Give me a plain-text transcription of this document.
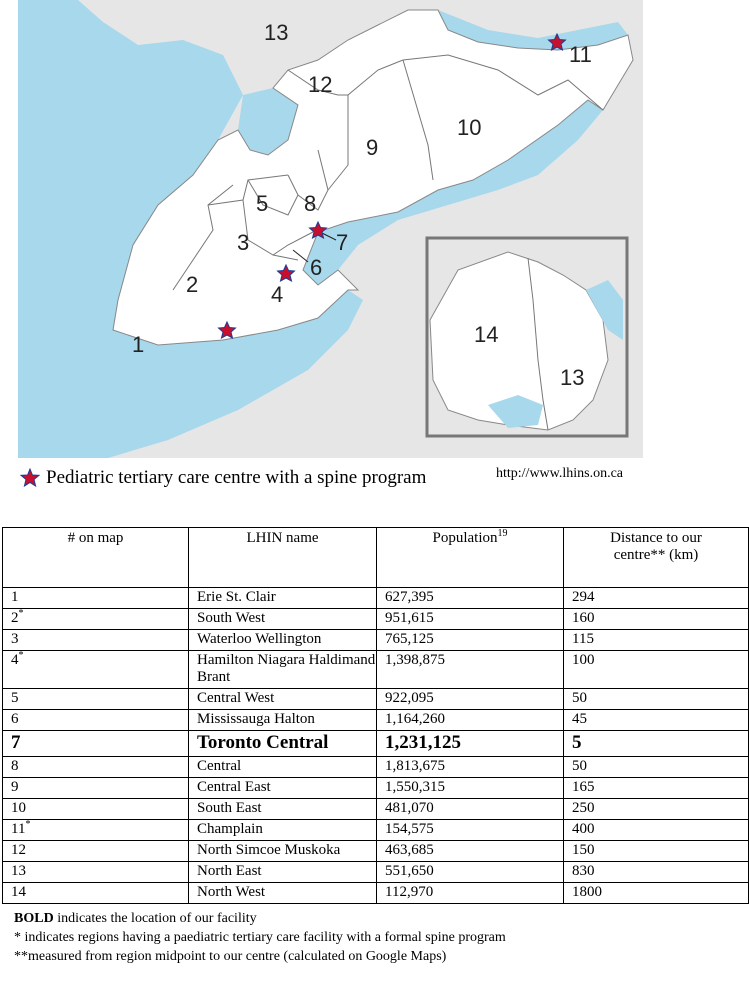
1
2
3
4
5
6
7
8
9
10
11
12
13
13
14
Pediatric tertiary care centre with a spine program	http://www.lhins.on.ca
# on map	LHIN name	Population$^{19}$	Distance to our centre** (km)
1	Erie St. Clair	627,395	294
2*	South West	951,615	160
3	Waterloo Wellington	765,125	115
4*	Hamilton Niagara Haldimand Brant	1,398,875	100
5	Central West	922,095	50
6	Mississauga Halton	1,164,260	45
7	Toronto Central	1,231,125	5
8	Central	1,813,675	50
9	Central East	1,550,315	165
10	South East	481,070	250
11*	Champlain	154,575	400
12	North Simcoe Muskoka	463,685	150
13	North East	551,650	830
14	North West	112,970	1800
BOLD indicates the location of our facility
* indicates regions having a paediatric tertiary care facility with a formal spine program
**measured from region midpoint to our centre (calculated on Google Maps)
